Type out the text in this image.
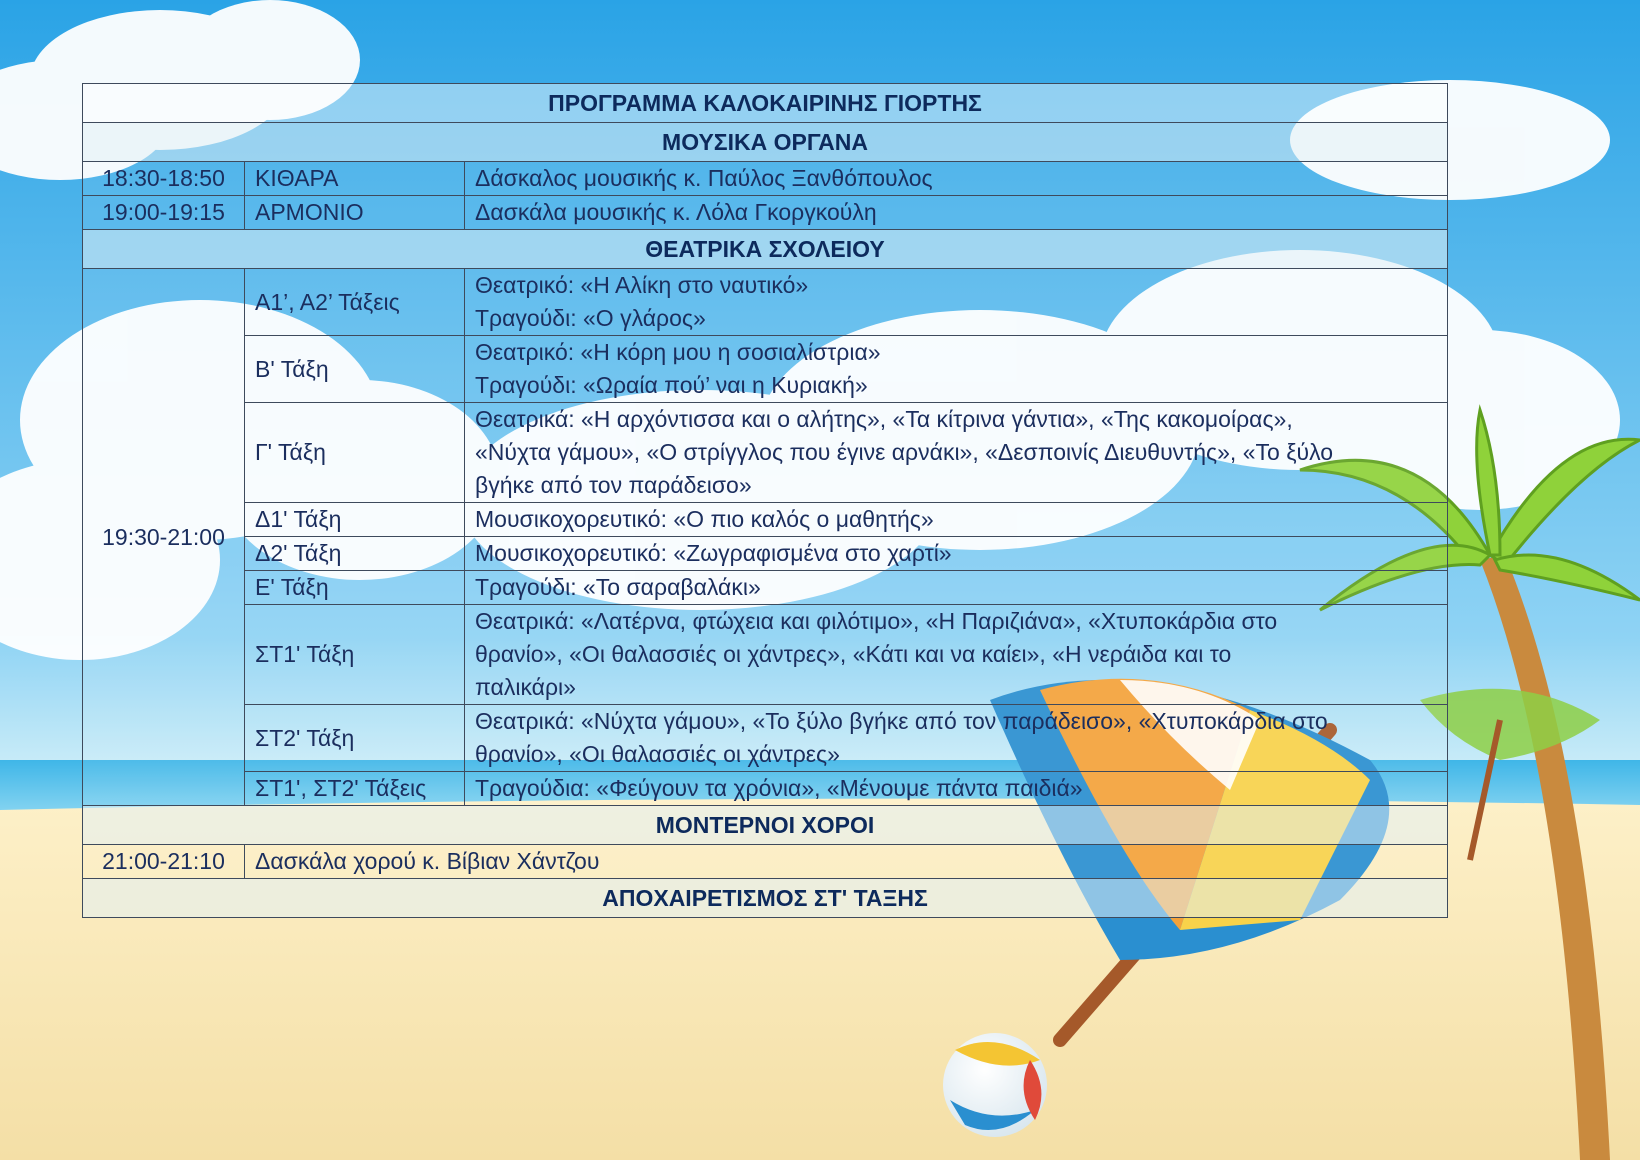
ΠΡΟΓΡΑΜΜΑ ΚΑΛΟΚΑΙΡΙΝΗΣ ΓΙΟΡΤΗΣ		
ΜΟΥΣΙΚΑ ΟΡΓΑΝΑ		
18:30-18:50	ΚΙΘΑΡΑ	Δάσκαλος μουσικής κ. Παύλος Ξανθόπουλος
19:00-19:15	ΑΡΜΟΝΙΟ	Δασκάλα μουσικής κ. Λόλα Γκοργκούλη
ΘΕΑΤΡΙΚΑ ΣΧΟΛΕΙΟΥ		
19:30-21:00	Α1’, Α2’ Τάξεις	Θεατρικό: «Η Αλίκη στο ναυτικό»
Τραγούδι: «Ο γλάρος»

	Β' Τάξη	Θεατρικό: «Η κόρη μου η σοσιαλίστρια»
Τραγούδι: «Ωραία πού’ ναι η Κυριακή»

	Γ' Τάξη	Θεατρικά: «Η αρχόντισσα και ο αλήτης», «Τα κίτρινα γάντια», «Της κακομοίρας»,
«Νύχτα γάμου», «Ο στρίγγλος που έγινε αρνάκι», «Δεσποινίς Διευθυντής», «Το ξύλο
βγήκε από τον παράδεισο»

	Δ1' Τάξη	Μουσικοχορευτικό: «Ο πιο καλός ο μαθητής»

	Δ2' Τάξη	Μουσικοχορευτικό: «Ζωγραφισμένα στο χαρτί»

	Ε' Τάξη	Τραγούδι: «Το σαραβαλάκι»

	ΣΤ1' Τάξη	Θεατρικά: «Λατέρνα, φτώχεια και φιλότιμο», «Η Παριζιάνα», «Χτυποκάρδια στο
θρανίο», «Οι θαλασσιές οι χάντρες», «Κάτι και να καίει», «Η νεράιδα και το
παλικάρι»

	ΣΤ2' Τάξη	Θεατρικά: «Νύχτα γάμου», «Το ξύλο βγήκε από τον παράδεισο», «Χτυποκάρδια στο
θρανίο», «Οι θαλασσιές οι χάντρες»

	ΣΤ1', ΣΤ2' Τάξεις	Τραγούδια: «Φεύγουν τα χρόνια», «Μένουμε πάντα παιδιά»

ΜΟΝΤΕΡΝΟΙ ΧΟΡΟΙ		
21:00-21:10	Δασκάλα χορού κ. Βίβιαν Χάντζου	
ΑΠΟΧΑΙΡΕΤΙΣΜΟΣ ΣΤ' ΤΑΞΗΣ		
